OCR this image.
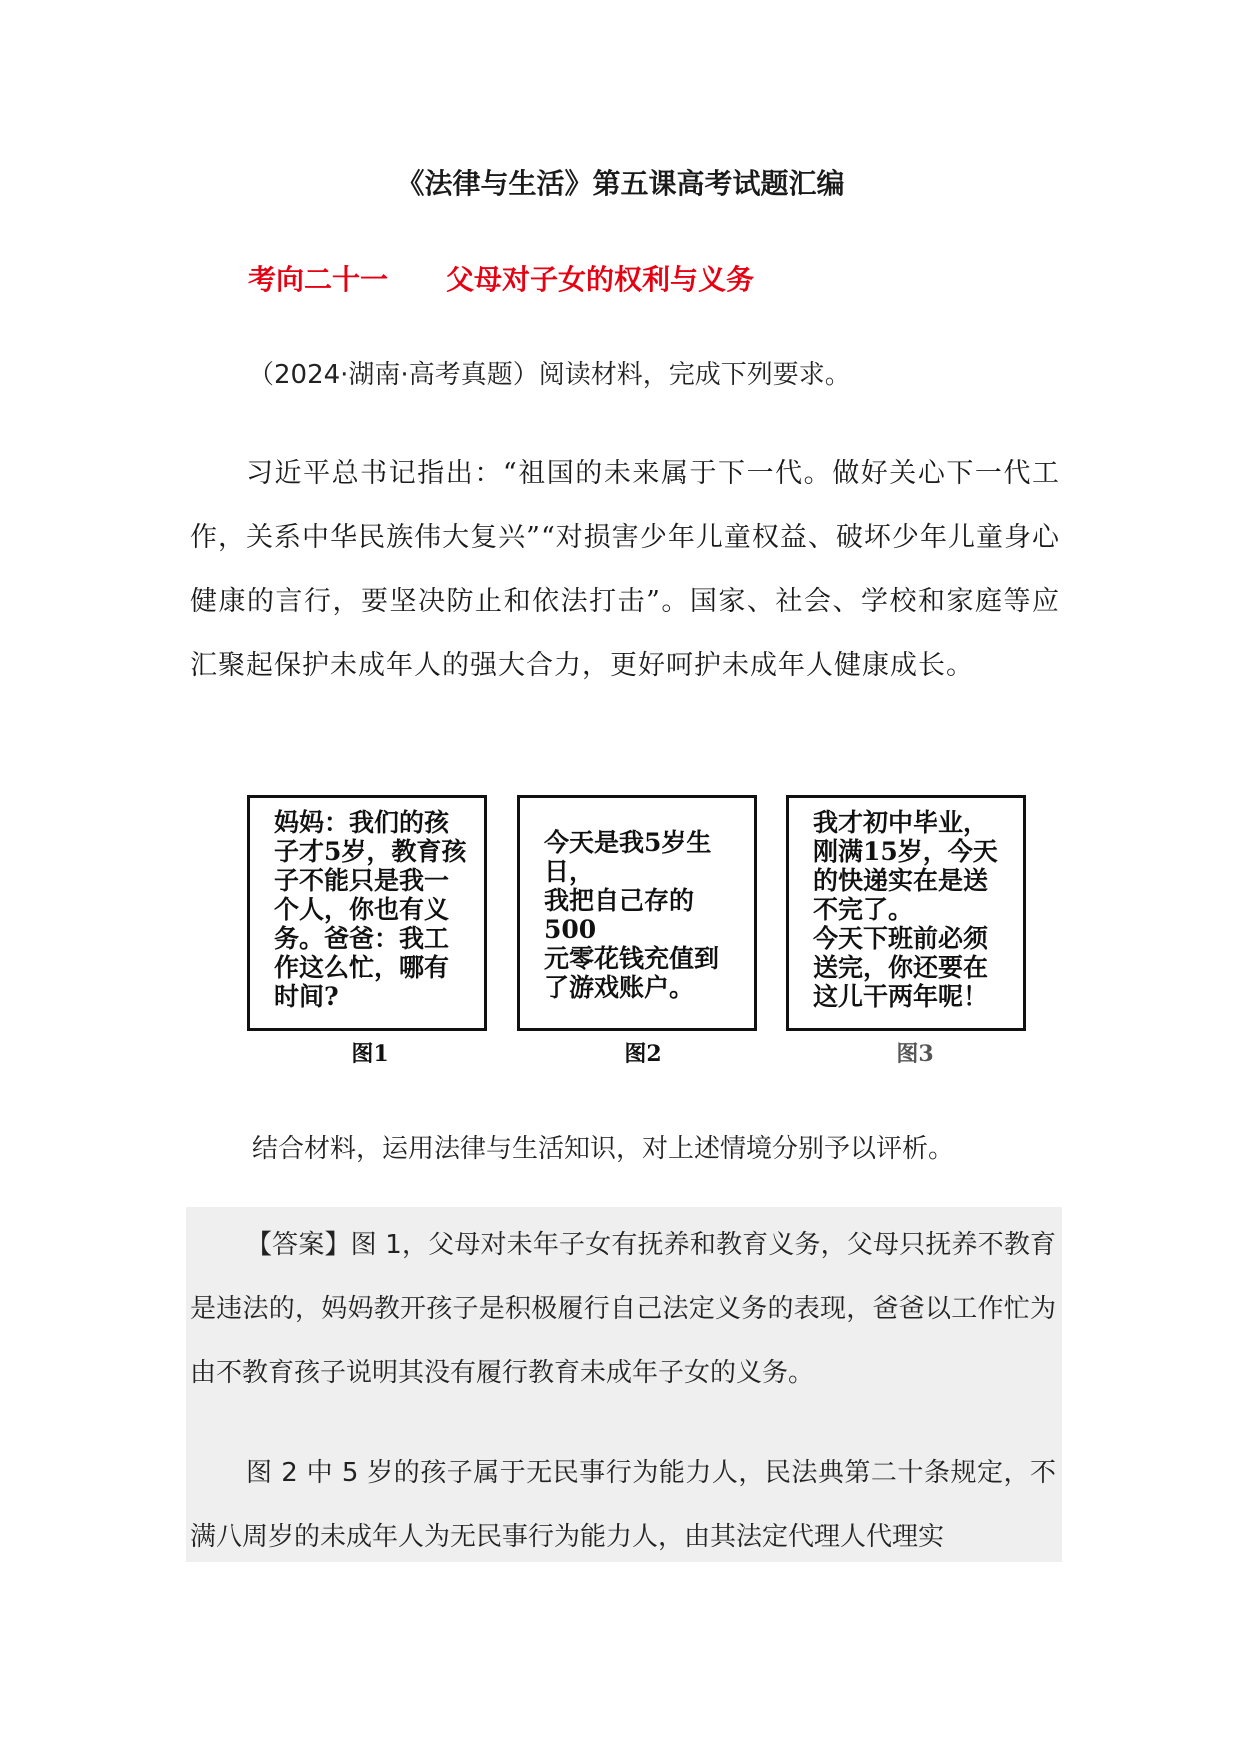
《法律与生活》第五课高考试题汇编
考向二十一 父母对子女的权利与义务
（2024·湖南·高考真题）阅读材料，完成下列要求。
习近平总书记指出：“祖国的未来属于下一代。做好关心下一代工作，关系中华民族伟大复兴”“对损害少年儿童权益、破坏少年儿童身心健康的言行，要坚决防止和依法打击”。国家、社会、学校和家庭等应汇聚起保护未成年人的强大合力，更好呵护未成年人健康成长。
妈妈：我们的孩
子才5岁，教育孩
子不能只是我一
个人，你也有义
务。爸爸：我工
作这么忙，哪有
时间?
图1
今天是我5岁生日，
我把自己存的500
元零花钱充值到
了游戏账户。
图2
我才初中毕业，
刚满15岁，今天
的快递实在是送
不完了。
今天下班前必须
送完，你还要在
这儿干两年呢！
图3
结合材料，运用法律与生活知识，对上述情境分别予以评析。

【答案】图 1，父母对未年子女有抚养和教育义务，父母只抚养不教育是违法的，妈妈教开孩子是积极履行自己法定义务的表现，爸爸以工作忙为由不教育孩子说明其没有履行教育未成年子女的义务。

图 2 中 5 岁的孩子属于无民事行为能力人，民法典第二十条规定，不满八周岁的未成年人为无民事行为能力人，由其法定代理人代理实
